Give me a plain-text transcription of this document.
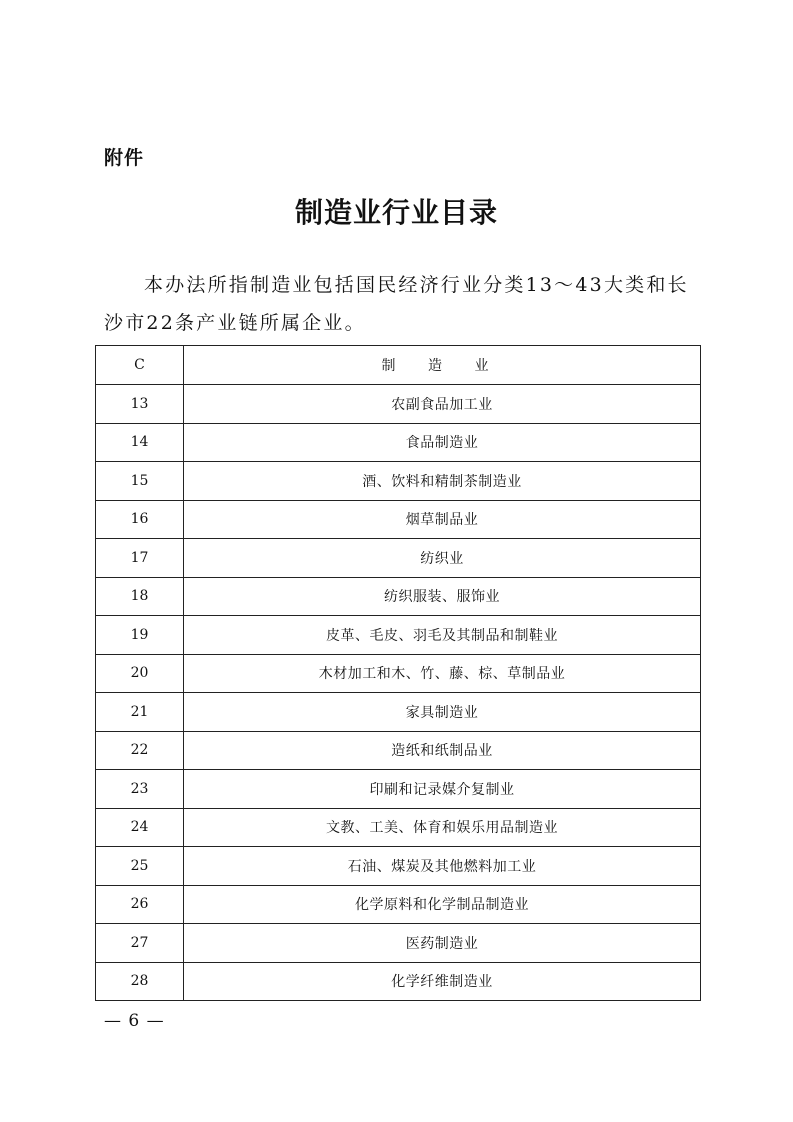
附件
制造业行业目录
本办法所指制造业包括国民经济行业分类13～43大类和长沙市22条产业链所属企业。
C	制 造 业
13	农副食品加工业
14	食品制造业
15	酒、饮料和精制茶制造业
16	烟草制品业
17	纺织业
18	纺织服装、服饰业
19	皮革、毛皮、羽毛及其制品和制鞋业
20	木材加工和木、竹、藤、棕、草制品业
21	家具制造业
22	造纸和纸制品业
23	印刷和记录媒介复制业
24	文教、工美、体育和娱乐用品制造业
25	石油、煤炭及其他燃料加工业
26	化学原料和化学制品制造业
27	医药制造业
28	化学纤维制造业
— 6 —
